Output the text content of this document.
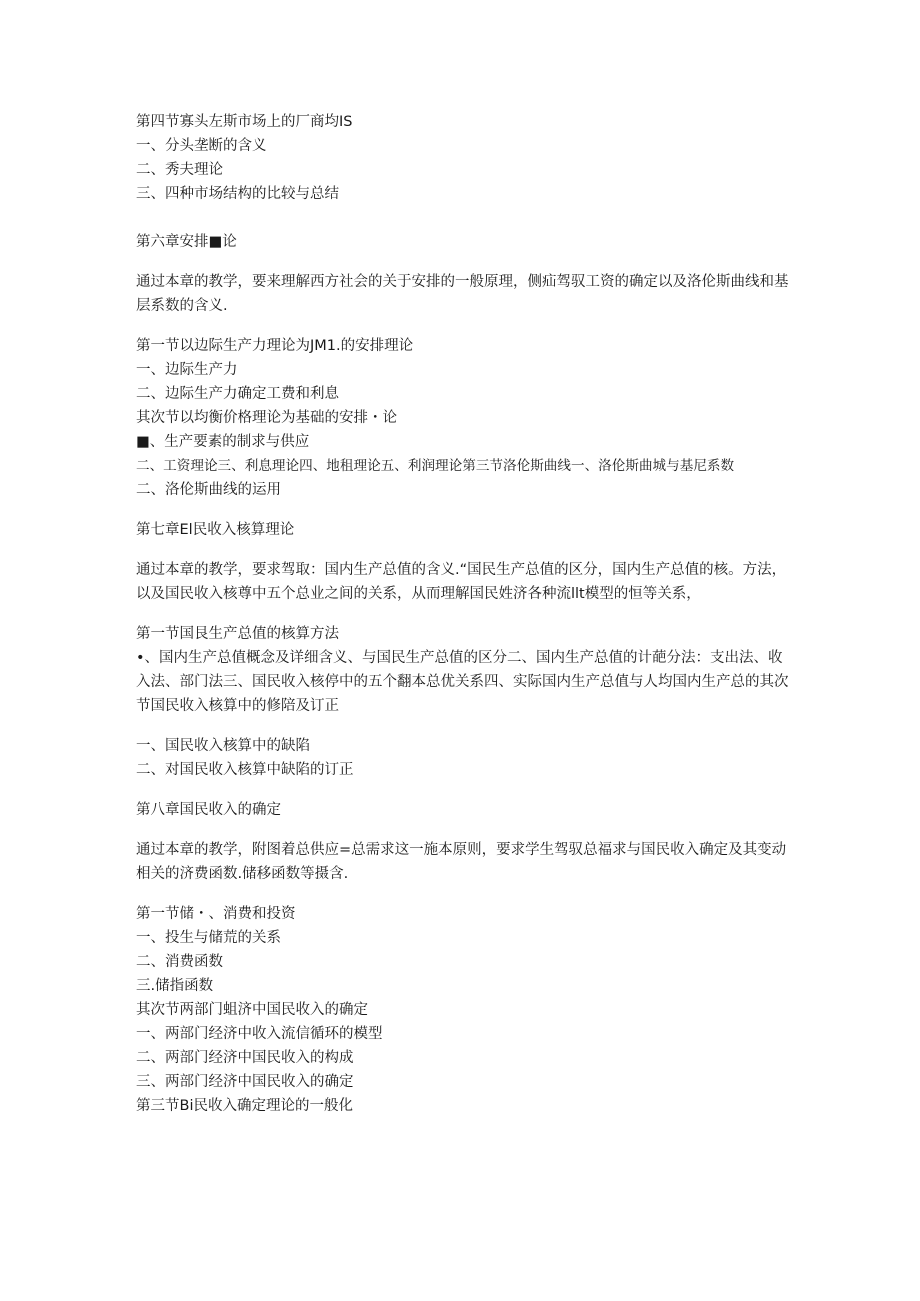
第四节寡头左斯市场上的厂商均IS
一、分头垄断的含义
二、秀夫理论
三、四种市场结构的比较与总结
第六章安排■论
通过本章的教学，要来理解西方社会的关于安排的一般原理，侧疝驾驭工资的确定以及洛伦斯曲线和基层系数的含义.
第一节以边际生产力理论为JM1.的安排理论
一、边际生产力
二、边际生产力确定工费和利息
其次节以均衡价格理论为基础的安排・论
■、生产要素的制求与供应
二、工资理论三、利息理论四、地租理论五、利润理论第三节洛伦斯曲线一、洛伦斯曲城与基尼系数
二、洛伦斯曲线的运用
第七章El民收入核算理论
通过本章的教学，要求驾取：国内生产总值的含义.“国民生产总值的区分，国内生产总值的核。方法，以及国民收入核尊中五个总业之间的关系，从而理解国民姓济各种流llt模型的恒等关系，
第一节国艮生产总值的核算方法
•、国内生产总值概念及详细含义、与国民生产总值的区分二、国内生产总值的计葩分法：支出法、收入法、部门法三、国民收入核停中的五个翻本总优关系四、实际国内生产总值与人均国内生产总的其次节国民收入核算中的修陪及订正
一、国民收入核算中的缺陷
二、对国民收入核算中缺陷的订正
第八章国民收入的确定
通过本章的教学，附图着总供应=总需求这一施本原则，要求学生驾驭总福求与国民收入确定及其变动相关的济费函数.储移函数等摄含.
第一节储・、消费和投资
一、投生与储荒的关系
二、消费函数
三.储指函数
其次节两部门蛆济中国民收入的确定
一、两部门经济中收入流信循环的模型
二、两部门经济中国民收入的构成
三、两部门经济中国民收入的确定
第三节Bi民收入确定理论的一般化
